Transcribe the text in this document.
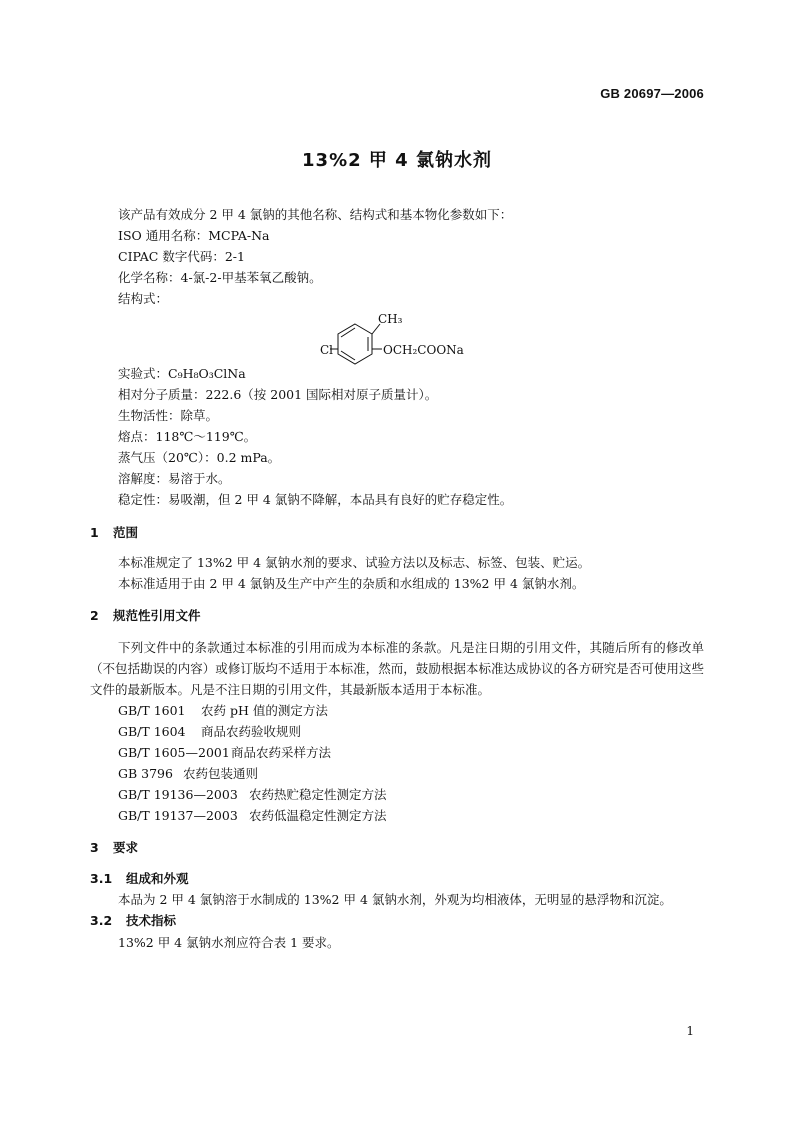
GB 20697—2006
13%2 甲 4 氯钠水剂
该产品有效成分 2 甲 4 氯钠的其他名称、结构式和基本物化参数如下：
ISO 通用名称：MCPA-Na
CIPAC 数字代码：2-1
化学名称：4-氯-2-甲基苯氧乙酸钠。
结构式：
CH₃
Cl	OCH₂COONa
实验式：C₉H₈O₃ClNa
相对分子质量：222.6（按 2001 国际相对原子质量计）。
生物活性：除草。
熔点：118℃～119℃。
蒸气压（20℃）：0.2 mPa。
溶解度：易溶于水。
稳定性：易吸潮，但 2 甲 4 氯钠不降解，本品具有良好的贮存稳定性。
1 范围
本标准规定了 13%2 甲 4 氯钠水剂的要求、试验方法以及标志、标签、包装、贮运。
本标准适用于由 2 甲 4 氯钠及生产中产生的杂质和水组成的 13%2 甲 4 氯钠水剂。
2 规范性引用文件
下列文件中的条款通过本标准的引用而成为本标准的条款。凡是注日期的引用文件，其随后所有的修改单（不包括勘误的内容）或修订版均不适用于本标准，然而，鼓励根据本标准达成协议的各方研究是否可使用这些文件的最新版本。凡是不注日期的引用文件，其最新版本适用于本标准。
GB/T 1601 农药 pH 值的测定方法
GB/T 1604 商品农药验收规则
GB/T 1605—2001 商品农药采样方法
GB 3796 农药包装通则
GB/T 19136—2003 农药热贮稳定性测定方法
GB/T 19137—2003 农药低温稳定性测定方法
3 要求
3.1 组成和外观
本品为 2 甲 4 氯钠溶于水制成的 13%2 甲 4 氯钠水剂，外观为均相液体，无明显的悬浮物和沉淀。
3.2 技术指标
13%2 甲 4 氯钠水剂应符合表 1 要求。
1
